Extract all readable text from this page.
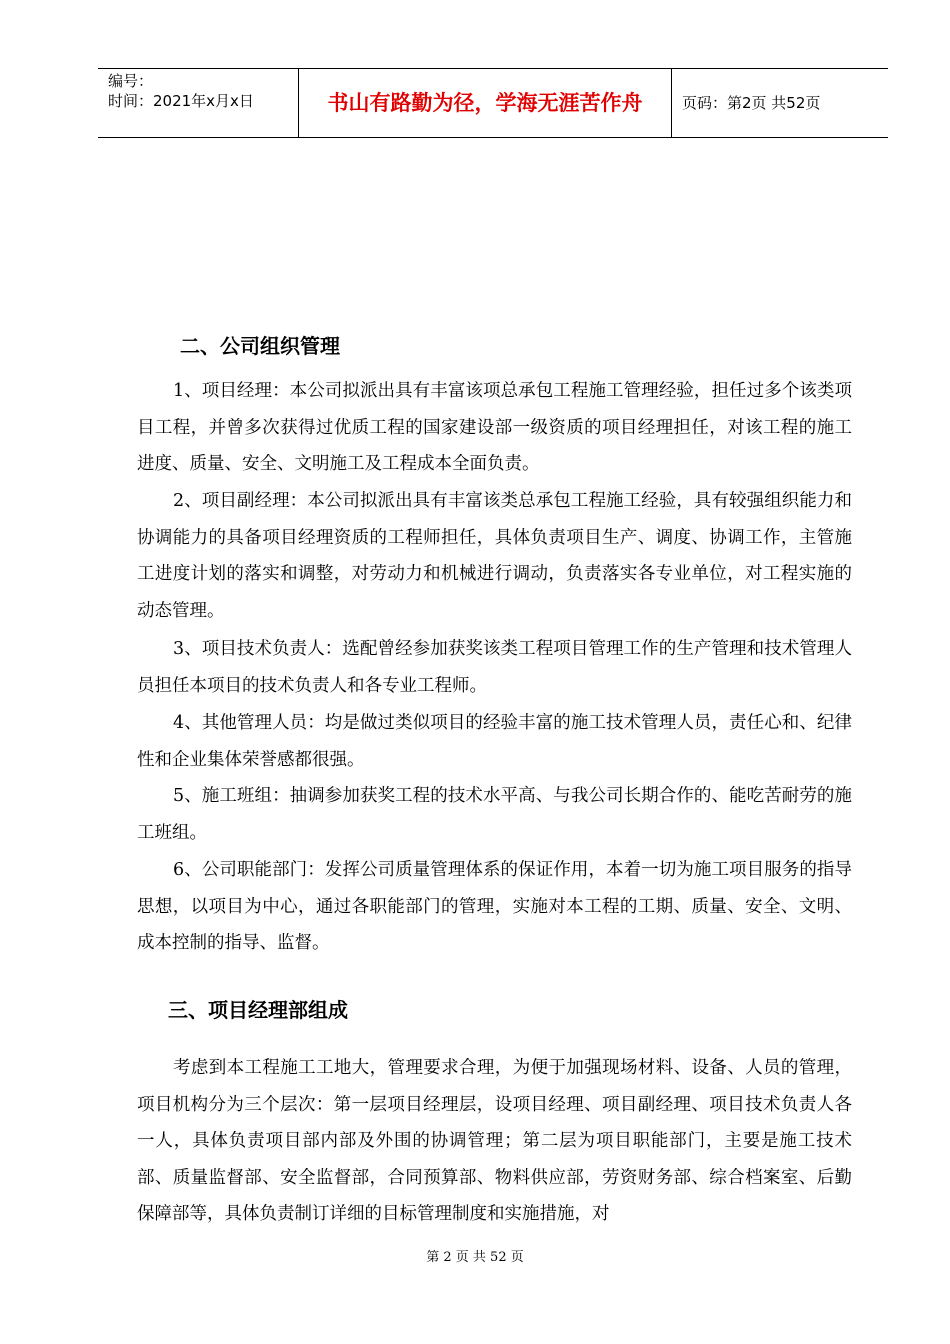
编号：
时间：2021年x月x日	书山有路勤为径，学海无涯苦作舟	页码：第2页 共52页
二、公司组织管理

1、项目经理：本公司拟派出具有丰富该项总承包工程施工管理经验，担任过多个该类项目工程，并曾多次获得过优质工程的国家建设部一级资质的项目经理担任，对该工程的施工进度、质量、安全、文明施工及工程成本全面负责。

2、项目副经理：本公司拟派出具有丰富该类总承包工程施工经验，具有较强组织能力和协调能力的具备项目经理资质的工程师担任，具体负责项目生产、调度、协调工作，主管施工进度计划的落实和调整，对劳动力和机械进行调动，负责落实各专业单位，对工程实施的动态管理。

3、项目技术负责人：选配曾经参加获奖该类工程项目管理工作的生产管理和技术管理人员担任本项目的技术负责人和各专业工程师。

4、其他管理人员：均是做过类似项目的经验丰富的施工技术管理人员，责任心和、纪律性和企业集体荣誉感都很强。

5、施工班组：抽调参加获奖工程的技术水平高、与我公司长期合作的、能吃苦耐劳的施工班组。

6、公司职能部门：发挥公司质量管理体系的保证作用，本着一切为施工项目服务的指导思想，以项目为中心，通过各职能部门的管理，实施对本工程的工期、质量、安全、文明、成本控制的指导、监督。

三、项目经理部组成

考虑到本工程施工工地大，管理要求合理，为便于加强现场材料、设备、人员的管理，项目机构分为三个层次：第一层项目经理层，设项目经理、项目副经理、项目技术负责人各一人，具体负责项目部内部及外围的协调管理；第二层为项目职能部门，主要是施工技术部、质量监督部、安全监督部，合同预算部、物料供应部，劳资财务部、综合档案室、后勤保障部等，具体负责制订详细的目标管理制度和实施措施，对

第 2 页 共 52 页
